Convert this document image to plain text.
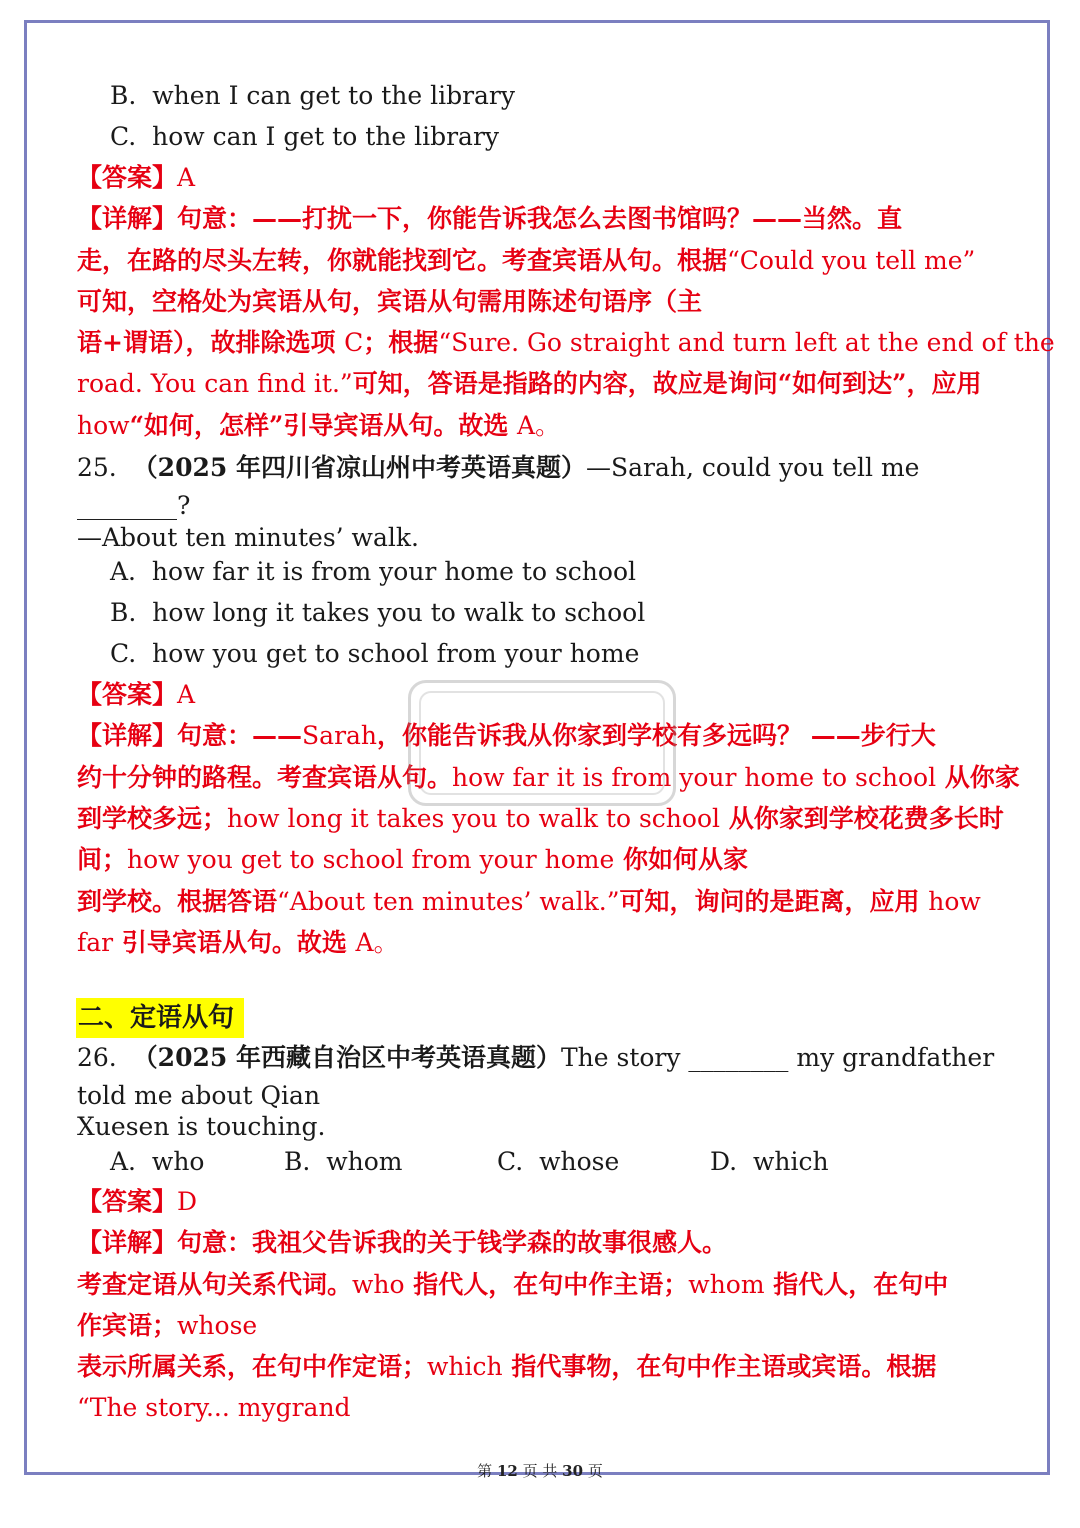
B. when I can get to the library
C. how can I get to the library
【答案】A
【详解】句意：——打扰一下，你能告诉我怎么去图书馆吗？——当然。直
走，在路的尽头左转，你就能找到它。考查宾语从句。根据“Could you tell me”
可知，空格处为宾语从句，宾语从句需用陈述句语序（主
语+谓语），故排除选项 C；根据“Sure. Go straight and turn left at the end of the
road. You can find it.”可知，答语是指路的内容，故应是询问“如何到达”，应用
how“如何，怎样”引导宾语从句。故选 A。
25. （2025 年四川省凉山州中考英语真题）—Sarah, could you tell me
________?
—About ten minutes’ walk.
A. how far it is from your home to school
B. how long it takes you to walk to school
C. how you get to school from your home
【答案】A
【详解】句意：——Sarah，你能告诉我从你家到学校有多远吗？ ——步行大
约十分钟的路程。考查宾语从句。how far it is from your home to school 从你家
到学校多远；how long it takes you to walk to school 从你家到学校花费多长时
间；how you get to school from your home 你如何从家
到学校。根据答语“About ten minutes’ walk.”可知，询问的是距离，应用 how
far 引导宾语从句。故选 A。
二、定语从句
26. （2025 年西藏自治区中考英语真题）The story ________ my grandfather
told me about Qian
Xuesen is touching.
A. who	B. whom	C. whose	D. which
【答案】D
【详解】句意：我祖父告诉我的关于钱学森的故事很感人。
考查定语从句关系代词。who 指代人，在句中作主语；whom 指代人，在句中
作宾语；whose
表示所属关系，在句中作定语；which 指代事物，在句中作主语或宾语。根据
“The story... mygrand
第 12 页 共 30 页
